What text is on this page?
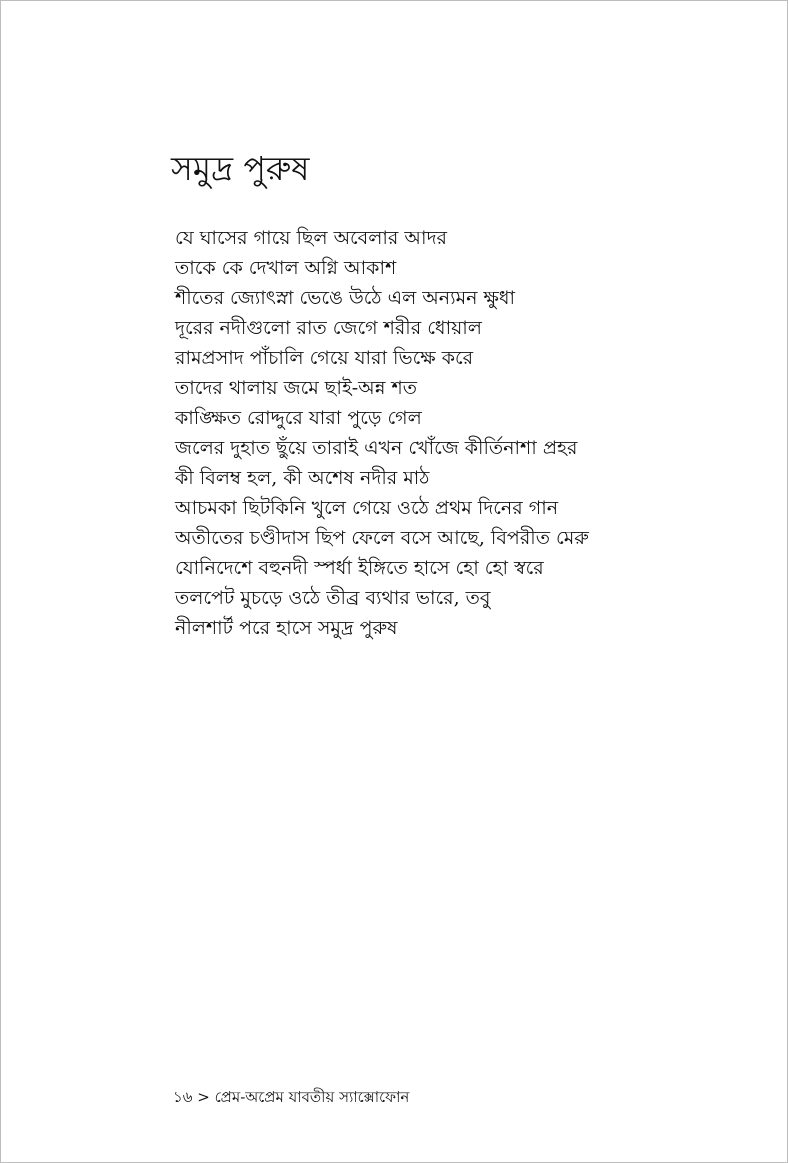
সমুদ্র পুরুষ
যে ঘাসের গায়ে ছিল অবেলার আদর
তাকে কে দেখাল অগ্নি আকাশ
শীতের জ্যোৎস্না ভেঙে উঠে এল অন্যমন ক্ষুধা
দূরের নদীগুলো রাত জেগে শরীর ধোয়াল
রামপ্রসাদ পাঁচালি গেয়ে যারা ভিক্ষে করে
তাদের থালায় জমে ছাই-অন্ন শত
কাঙ্ক্ষিত রোদ্দুরে যারা পুড়ে গেল
জলের দুহাত ছুঁয়ে তারাই এখন খোঁজে কীর্তিনাশা প্রহর
কী বিলম্ব হল, কী অশেষ নদীর মাঠ
আচমকা ছিটকিনি খুলে গেয়ে ওঠে প্রথম দিনের গান
অতীতের চণ্ডীদাস ছিপ ফেলে বসে আছে, বিপরীত মেরু
যোনিদেশে বহুনদী স্পর্ধা ইঙ্গিতে হাসে হো হো স্বরে
তলপেট মুচড়ে ওঠে তীব্র ব্যথার ভারে, তবু
নীলশার্ট পরে হাসে সমুদ্র পুরুষ
১৬ > প্রেম-অপ্রেম যাবতীয় স্যাক্সোফোন
